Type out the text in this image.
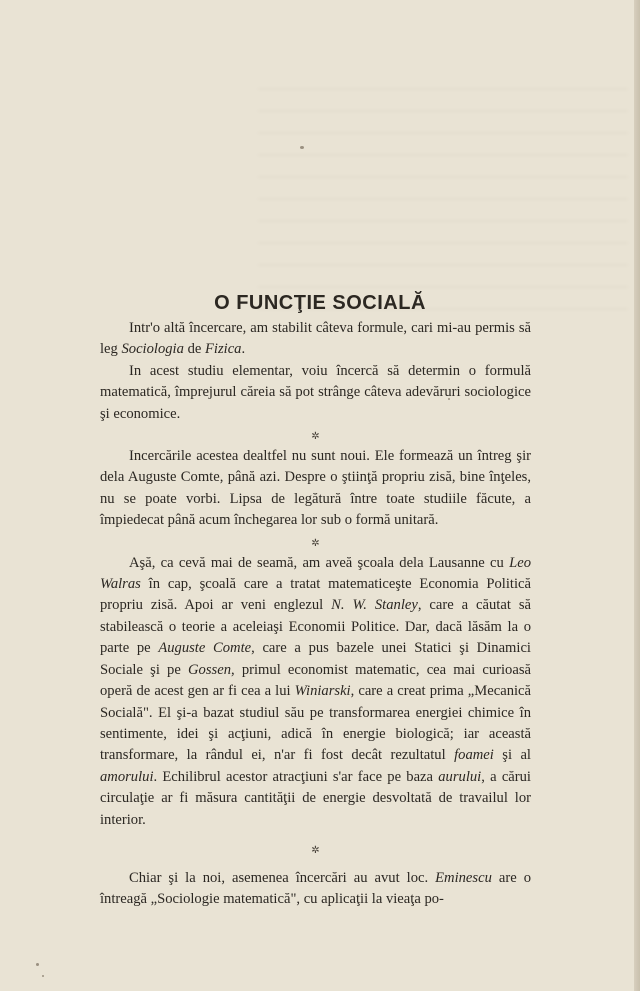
O FUNCŢIE SOCIALĂ

Intr'o altă încercare, am stabilit câteva formule, cari mi-au permis să leg Sociologia de Fizica.

In acest studiu elementar, voiu încercă să determin o formulă matematică, împrejurul căreia să pot strânge câteva adevăruri sociologice şi economice.

✲

Incercările acestea dealtfel nu sunt noui. Ele formează un întreg şir dela Auguste Comte, până azi. Despre o ştiinţă propriu zisă, bine înţeles, nu se poate vorbi. Lipsa de legătură între toate studiile făcute, a împiedecat până acum închegarea lor sub o formă unitară.

✲

Aşă, ca cevă mai de seamă, am aveă şcoala dela Lausanne cu Leo Walras în cap, şcoală care a tratat matematiceşte Economia Politică propriu zisă. Apoi ar veni englezul N. W. Stanley, care a căutat să stabilească o teorie a aceleiaşi Economii Politice. Dar, dacă lăsăm la o parte pe Auguste Comte, care a pus bazele unei Statici şi Dinamici Sociale şi pe Gossen, primul economist matematic, cea mai curioasă operă de acest gen ar fi cea a lui Winiarski, care a creat prima „Mecanică Socială". El şi-a bazat studiul său pe transformarea energiei chimice în sentimente, idei şi acţiuni, adică în energie biologică; iar această transformare, la rândul ei, n'ar fi fost decât rezultatul foamei şi al amorului. Echilibrul acestor atracţiuni s'ar face pe baza aurului, a cărui circulaţie ar fi măsura cantităţii de energie desvoltată de travailul lor interior.

✲

Chiar şi la noi, asemenea încercări au avut loc. Eminescu are o întreagă „Sociologie matematică", cu aplicaţii la vieaţa po-
